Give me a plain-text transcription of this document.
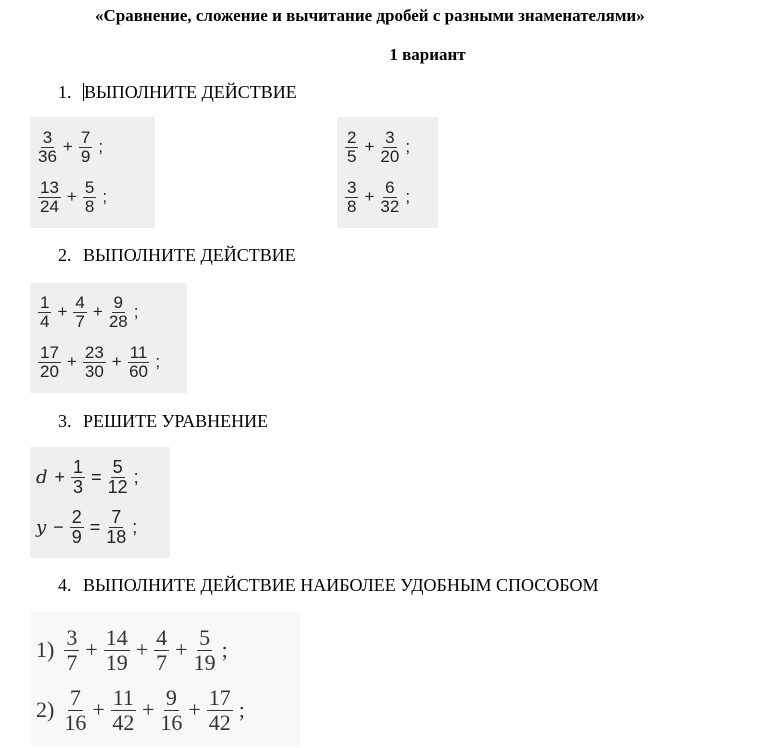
«Сравнение, сложение и вычитание дробей с разными знаменателями»
1 вариант
1. ВЫПОЛНИТЕ ДЕЙСТВИЕ
$\frac{3}{36} + \frac{7}{9}$ ;
$\frac{13}{24} + \frac{5}{8}$ ;
$\frac{2}{5} + \frac{3}{20}$ ;
$\frac{3}{8} + \frac{6}{32}$ ;
2. ВЫПОЛНИТЕ ДЕЙСТВИЕ
$\frac{1}{4} + \frac{4}{7} + \frac{9}{28}$ ;
$\frac{17}{20} + \frac{23}{30} + \frac{11}{60}$ ;
3. РЕШИТЕ УРАВНЕНИЕ
$d + \frac{1}{3} = \frac{5}{12}$ ;
$y - \frac{2}{9} = \frac{7}{18}$ ;
4. ВЫПОЛНИТЕ ДЕЙСТВИЕ НАИБОЛЕЕ УДОБНЫМ СПОСОБОМ
$1) \frac{3}{7} + \frac{14}{19} + \frac{4}{7} + \frac{5}{19}$ ;
$2) \frac{7}{16} + \frac{11}{42} + \frac{9}{16} + \frac{17}{42}$ ;
